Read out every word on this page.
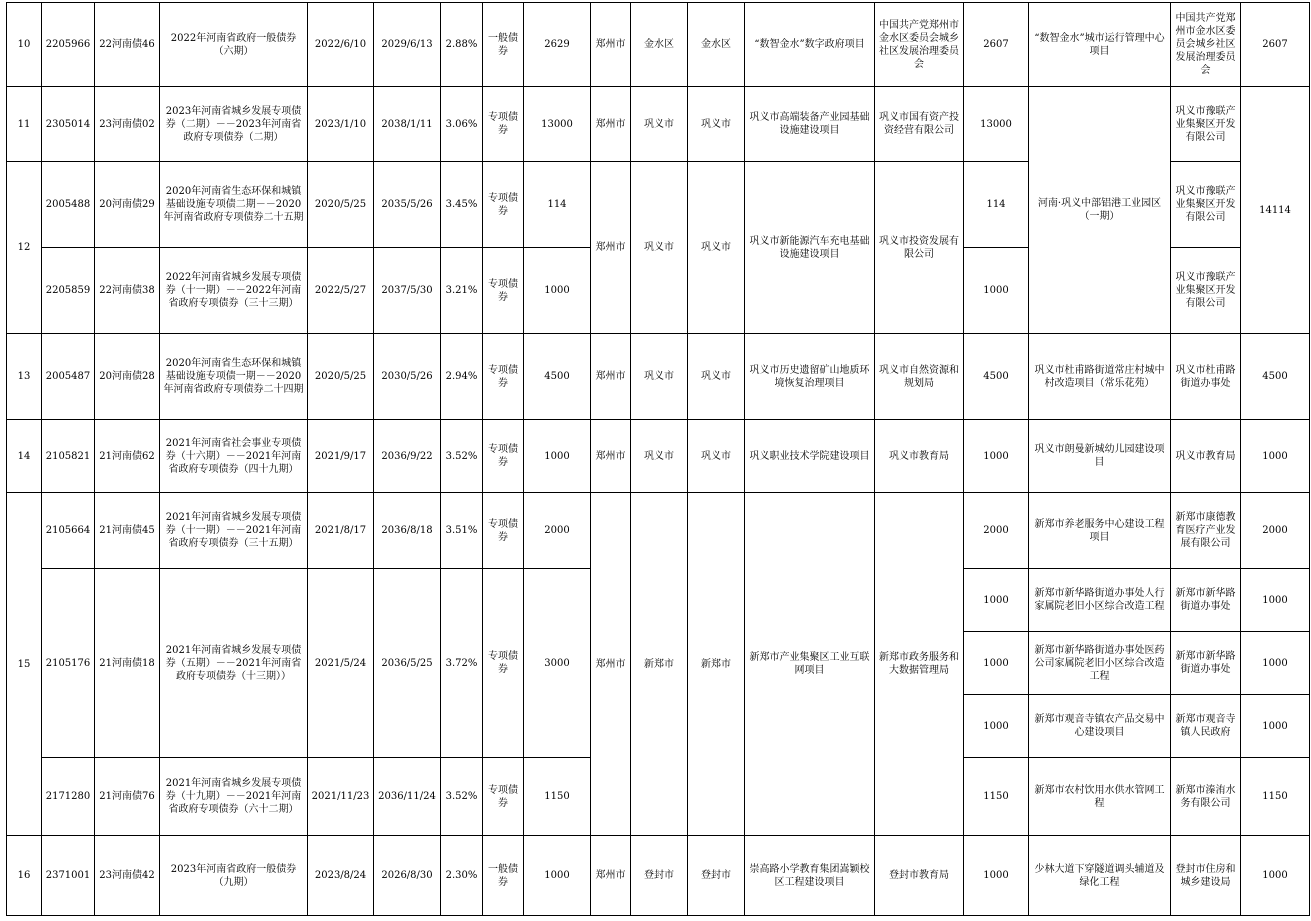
10	2205966	22河南债46	2022年河南省政府一般债券（六期）	2022/6/10	2029/6/13	2.88%	一般债券	2629	郑州市	金水区	金水区	“数智金水”数字政府项目	中国共产党郑州市金水区委员会城乡社区发展治理委员会	2607	“数智金水”城市运行管理中心项目	中国共产党郑州市金水区委员会城乡社区发展治理委员会	2607
11	2305014	23河南债02	2023年河南省城乡发展专项债券（二期）－－2023年河南省政府专项债券（二期）	2023/1/10	2038/1/11	3.06%	专项债券	13000	郑州市	巩义市	巩义市	巩义市高端装备产业园基础设施建设项目	巩义市国有资产投资经营有限公司	13000	河南·巩义中部铝港工业园区（一期）	巩义市豫联产业集聚区开发有限公司	14114
12	2005488	20河南债29	2020年河南省生态环保和城镇基础设施专项债二期－－2020年河南省政府专项债券二十五期	2020/5/25	2035/5/26	3.45%	专项债券	114	郑州市	巩义市	巩义市	巩义市新能源汽车充电基础设施建设项目	巩义市投资发展有限公司	114		巩义市豫联产业集聚区开发有限公司	
	2205859	22河南债38	2022年河南省城乡发展专项债券（十一期）－－2022年河南省政府专项债券（三十三期）	2022/5/27	2037/5/30	3.21%	专项债券	1000						1000		巩义市豫联产业集聚区开发有限公司	
13	2005487	20河南债28	2020年河南省生态环保和城镇基础设施专项债一期－－2020年河南省政府专项债券二十四期	2020/5/25	2030/5/26	2.94%	专项债券	4500	郑州市	巩义市	巩义市	巩义市历史遗留矿山地质环境恢复治理项目	巩义市自然资源和规划局	4500	巩义市杜甫路街道常庄村城中村改造项目（常乐花苑）	巩义市杜甫路街道办事处	4500
14	2105821	21河南债62	2021年河南省社会事业专项债券（十六期）－－2021年河南省政府专项债券（四十九期）	2021/9/17	2036/9/22	3.52%	专项债券	1000	郑州市	巩义市	巩义市	巩义职业技术学院建设项目	巩义市教育局	1000	巩义市朗曼新城幼儿园建设项目	巩义市教育局	1000
15	2105664	21河南债45	2021年河南省城乡发展专项债券（十一期）－－2021年河南省政府专项债券（三十五期）	2021/8/17	2036/8/18	3.51%	专项债券	2000	郑州市	新郑市	新郑市	新郑市产业集聚区工业互联网项目	新郑市政务服务和大数据管理局	2000	新郑市养老服务中心建设工程项目	新郑市康德教育医疗产业发展有限公司	2000
	2105176	21河南债18	2021年河南省城乡发展专项债券（五期）－－2021年河南省政府专项债券（十三期））	2021/5/24	2036/5/25	3.72%	专项债券	3000						1000	新郑市新华路街道办事处人行家属院老旧小区综合改造工程	新郑市新华路街道办事处	1000
														1000	新郑市新华路街道办事处医药公司家属院老旧小区综合改造工程	新郑市新华路街道办事处	1000
														1000	新郑市观音寺镇农产品交易中心建设项目	新郑市观音寺镇人民政府	1000
	2171280	21河南债76	2021年河南省城乡发展专项债券（十九期）－－2021年河南省政府专项债券（六十二期）	2021/11/23	2036/11/24	3.52%	专项债券	1150						1150	新郑市农村饮用水供水管网工程	新郑市溱洧水务有限公司	1150
16	2371001	23河南债42	2023年河南省政府一般债券（九期）	2023/8/24	2026/8/30	2.30%	一般债券	1000	郑州市	登封市	登封市	崇高路小学教育集团嵩颖校区工程建设项目	登封市教育局	1000	少林大道下穿隧道调头辅道及绿化工程	登封市住房和城乡建设局	1000
